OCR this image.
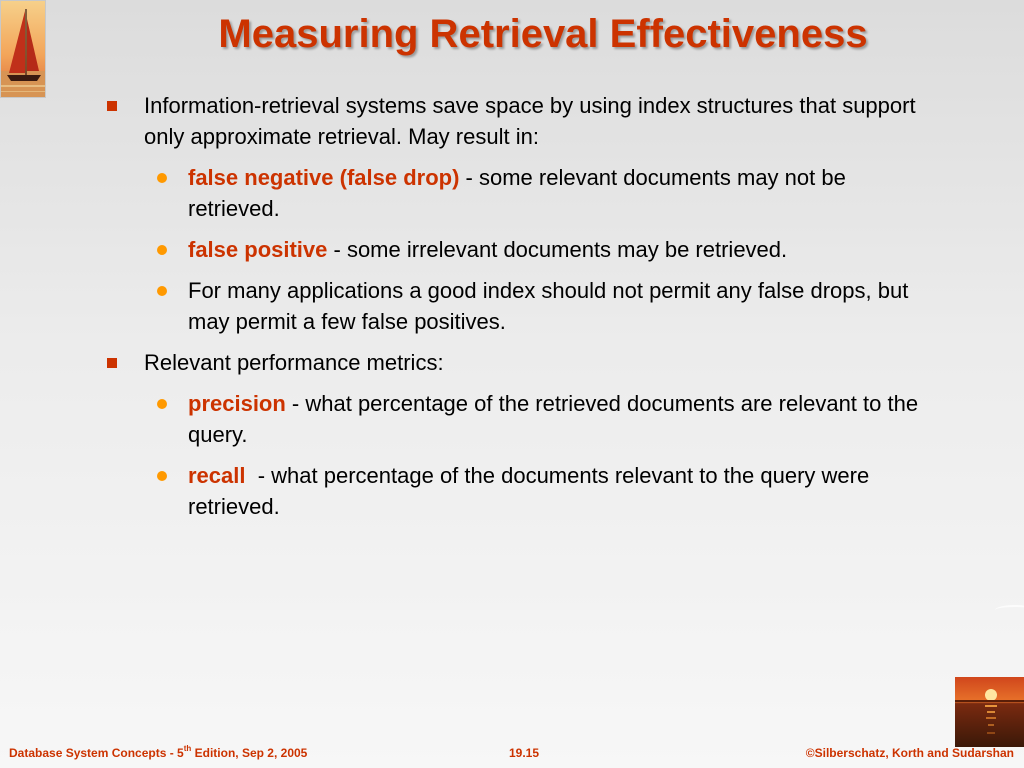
Measuring Retrieval Effectiveness
Information-retrieval systems save space by using index structures that support only approximate retrieval. May result in:
false negative (false drop) - some relevant documents may not be retrieved.
false positive - some irrelevant documents may be retrieved.
For many applications a good index should not permit any false drops, but may permit a few false positives.
Relevant performance metrics:
precision - what percentage of the retrieved documents are relevant to the query.
recall  - what percentage of the documents relevant to the query were retrieved.
Database System Concepts - 5th Edition, Sep 2, 2005	19.15	©Silberschatz, Korth and Sudarshan
